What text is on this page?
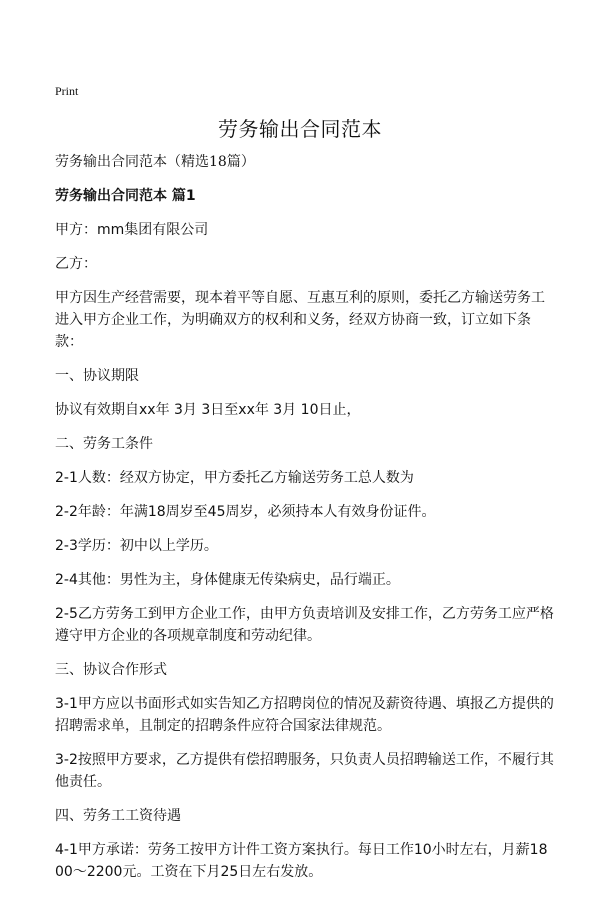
Print
劳务输出合同范本

劳务输出合同范本（精选18篇）

劳务输出合同范本 篇1

甲方：mm集团有限公司

乙方：

甲方因生产经营需要，现本着平等自愿、互惠互利的原则，委托乙方输送劳务工进入甲方企业工作，为明确双方的权利和义务，经双方协商一致，订立如下条款：

一、协议期限

协议有效期自xx年 3月 3日至xx年 3月 10日止，

二、劳务工条件

2-1人数：经双方协定，甲方委托乙方输送劳务工总人数为

2-2年龄：年满18周岁至45周岁，必须持本人有效身份证件。

2-3学历：初中以上学历。

2-4其他：男性为主，身体健康无传染病史，品行端正。

2-5乙方劳务工到甲方企业工作，由甲方负责培训及安排工作，乙方劳务工应严格遵守甲方企业的各项规章制度和劳动纪律。

三、协议合作形式

3-1甲方应以书面形式如实告知乙方招聘岗位的情况及薪资待遇、填报乙方提供的招聘需求单，且制定的招聘条件应符合国家法律规范。

3-2按照甲方要求，乙方提供有偿招聘服务，只负责人员招聘输送工作，不履行其他责任。

四、劳务工工资待遇

4-1甲方承诺：劳务工按甲方计件工资方案执行。每日工作10小时左右，月薪1800～2200元。工资在下月25日左右发放。
